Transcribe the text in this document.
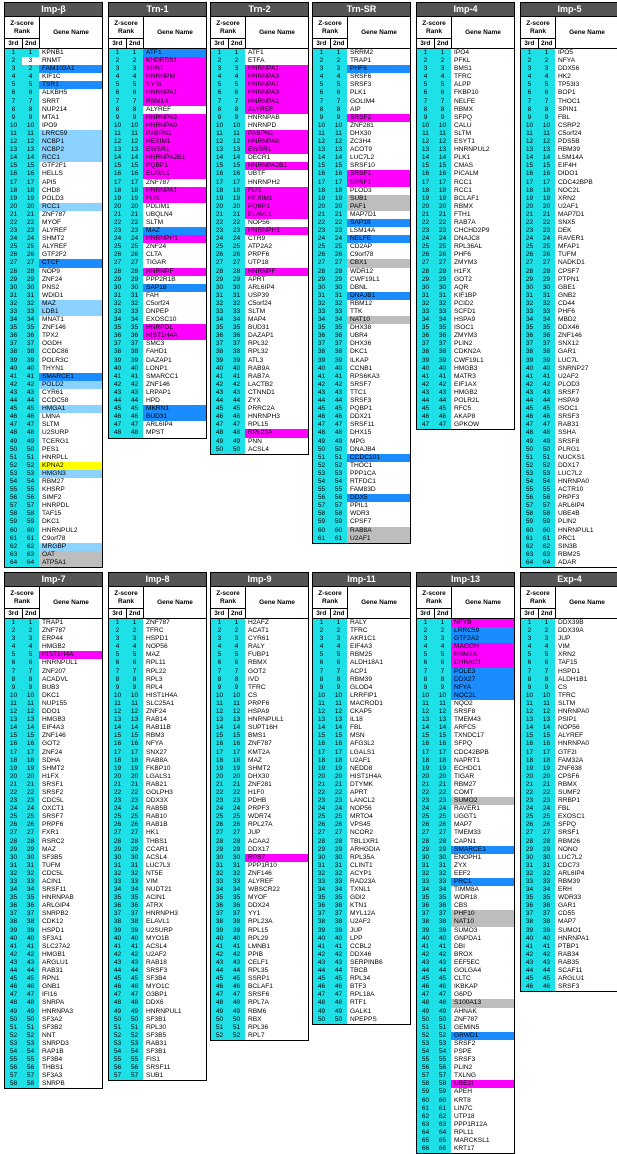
Imp-β
Z-score
Rank
3rd	2nd
Gene Name
1	1	KPNB1
2	3	RNMT
3	2	FAM103A1
4	4	KIF1C
5	5	TSR1
6	6	ALKBH5
7	7	SRRT
8	8	NUP214
9	9	MTA1
10	10	IPO9
11	11	LRRC59
12	12	NCBP1
13	13	NCBP2
14	14	RCC1
15	15	GTF2F1
16	16	HELLS
17	17	API5
18	18	CHD8
19	19	POLD3
20	20	RCC1
21	21	ZNF787
22	22	MYOF
23	23	ALYREF
24	24	SHMT2
25	25	ALYREF
26	26	GTF2F2
27	27	CTCF
28	28	NOP9
29	29	ZNF24
30	30	PNS2
31	31	WDID1
32	32	MAZ
33	33	LDB1
34	34	MNAT1
35	35	ZNF146
36	36	TPX2
37	37	OGDH
38	38	CCDC86
39	39	POLR3C
40	40	THYN1
41	41	SMARCE1
42	42	POLD2
43	43	CYR61
44	44	CCDC58
45	45	HMGA1
46	46	LMNA
47	47	SLTM
48	48	U2SURP
49	49	TCERG1
50	50	PES1
51	51	HNRPLL
52	52	KPNA2
53	53	HMGN3
54	54	RBM27
55	55	KHSRP
56	56	SIMF2
57	57	HNRPDL
58	58	TAF15
59	59	DKC1
60	60	HNRNPUL2
61	61	C9orf78
62	62	MRGBP
63	63	OAT
64	64	ATP5A1
Trn-1
Z-score
Rank
3rd	2nd
Gene Name
1	1	ATF1
2	2	KHDRBS1
3	3	SRRT
4	4	HNRNPM
5	5	SYSL
6	6	HNRNPA1
7	7	RBM14
8	8	ALYREF
9	9	HNRNPA3
10	10	HNRNPA0
11	11	PABPN1
12	12	HEXIM1
13	13	EWSR1
14	14	HNRNPA2B1
15	15	PQBP1
16	16	ELAVL1
17	17	ZNF787
18	18	HNRNPA1
19	19	FUS
20	20	PDLIM1
21	21	UBQLN4
22	22	SLTM
23	23	MAZ
24	24	HNRNPH1
25	25	ZNF24
26	26	CLTA
27	27	TIGAR
28	28	HNRNPF
29	29	PPP2R1B
30	30	SAP18
31	31	FAH
32	32	C5orf24
33	33	DNPEP
34	34	EXOSC10
35	35	HNRPDL
36	36	HIST1H4A
37	37	SMC3
38	38	FAHD1
39	39	DAZAP1
40	40	LONP1
41	41	SMARCC1
42	42	ZNF146
43	43	LRPAP1
44	44	HPD
45	45	MKRN1
46	46	BUD31
47	47	ARL6IP4
48	48	MPST
Trn-2
Z-score
Rank
3rd	2nd
Gene Name
1	1	ATF1
2	2	ETFA
3	3	HNRNPA1
4	4	HNRNPA3
5	5	HNRNPA1
6	6	HNRNPA3
7	7	HNRNPA1
8	8	ALYREF
9	9	HNRNPAB
10	10	HNRNPD
11	11	PABPN1
12	12	HNRNPA0
13	13	EWSR1
14	14	DECR1
15	15	HNRNPA2B1
16	16	UBTF
17	17	HNRNPH2
18	18	FUS
19	19	HEXIM1
20	20	PQBP1
21	21	ELAVL1
22	22	NOP56
23	23	HNRNPH1
24	24	CTR9
25	25	ATP2A2
26	26	PRPF6
27	27	UTP18
28	28	HNRNPF
29	29	APRT
30	30	ARL6IP4
31	31	USP39
32	32	C5orf24
33	33	SLTM
34	34	MAP4
35	35	BUD31
36	36	DAZAP1
37	37	RPL32
38	38	RPL32
39	39	ATL3
40	40	RAB9A
41	41	RAB7A
42	42	LACTB2
43	43	CTNND1
44	44	ZYX
45	45	PRRC2A
46	46	HNRNPH3
47	47	RPL15
48	48	RPL23A
49	49	PNN
50	50	ACSL4
Trn-SR
Z-score
Rank
3rd	2nd
Gene Name
1	1	SRRM2
2	2	TRAP1
3	3	PHF6
4	4	SRSF6
5	5	SRSF3
6	6	PLK1
7	7	GOLIM4
8	8	AIP
9	9	SRSF2
10	10	ZNF281
11	11	DHX30
12	12	ZC3H4
13	13	ACOT9
14	14	LUC7L2
15	15	SRSF10
16	16	SRSF1
17	17	SRSF1
18	18	PLOD3
19	19	SUB1
20	20	PAF1
21	21	MAP7D1
22	22	SAP18
23	23	LSM14A
24	24	NELFE
25	25	CD2AP
26	26	C9orf78
27	27	CBX1
28	28	WDR12
29	29	CWF19L1
30	30	DBNL
31	31	DNAJB1
32	32	RBM12
33	33	TTK
34	34	NAT10
35	35	DHX38
36	36	UBR4
37	37	DHX36
38	38	DKC1
39	39	ILKAP
40	40	CCNB1
41	41	RPS6KA3
42	42	SRSF7
43	43	TTC1
44	44	SRSF3
45	45	PQBP1
46	46	DDX21
47	47	SRSF11
48	48	DHX15
49	49	MPG
50	50	DNAJB4
51	51	CCDC101
52	52	THOC1
53	53	PPP1CA
54	54	RTFDC1
55	55	FAM83D
56	56	DDX5
57	57	PPIL1
58	58	WDR3
59	59	CPSF7
60	60	RAB8A
61	61	U2AF1
Imp-4
Z-score
Rank
3rd	2nd
Gene Name
1	1	IPO4
2	2	PFKL
3	3	BMS1
4	4	TFRC
5	5	ALPP
6	6	FKBP10
7	7	NELFE
8	8	RBMX
9	9	SFPQ
10	10	CALU
11	11	SLTM
12	12	ESYT1
13	13	HNRNPUL2
14	14	PLK1
15	15	CMAS
16	16	PICALM
17	17	RCC1
18	18	RCC1
19	19	BCLAF1
20	20	RBMX
21	21	FTH1
22	22	RAB7A
23	23	CHCHD2P9
24	24	DNAJC8
25	25	RPL36AL
26	26	PHF6
27	27	ZMYM3
28	28	H1FX
29	29	GOT2
30	30	AQR
31	31	KIF1BP
32	32	PCID2
33	33	SCFD1
34	34	HSPA9
35	35	ISOC1
36	36	ZMYM3
37	37	PLIN2
38	38	CDKN2A
39	39	CWF19L1
40	40	HMGB3
41	41	MATR3
42	42	EIF1AX
43	43	HMGB2
44	44	POLR2L
45	45	RFC5
46	46	AKAP8
47	47	GPKOW
Imp-5
Z-score
Rank
3rd	2nd
Gene Name
1	1	IPO5
2	2	NFYA
3	3	DDX56
4	4	HK2
5	5	TP53I3
6	6	BOP1
7	7	THOC1
8	8	SPIN1
9	9	FBL
10	10	CSRP2
11	11	C5orf24
12	12	PDS5B
13	13	RBM39
14	14	LSM14A
15	15	EIF4H
16	16	DIDO1
17	17	CDC42BPB
18	18	NOC2L
19	19	XRN2
20	20	U2AF1
21	21	MAP7D1
22	22	SNX5
23	23	DEK
24	24	RAVER1
25	25	MFAP1
26	26	TUFM
27	27	NADKD1
28	28	CPSF7
29	29	PTPN1
30	30	GBE1
31	31	GNB2
32	32	CD44
33	33	PHF6
34	34	MBD2
35	35	DDX46
36	36	ZNF146
37	37	SNX12
38	38	GAR1
39	39	LUC7L
40	40	SNRNP27
41	41	U2AF2
42	42	PLOD3
43	43	SRSF7
44	44	HSPA9
45	45	ISOC1
46	46	SRSF3
47	47	RAB31
48	48	SSHA
49	49	SRSF8
50	50	PLRG1
51	51	NUCKS1
52	52	DDX17
53	53	LUC7L2
54	54	HNRNPA0
55	55	ACTR10
56	56	PRPF3
57	57	ARL6IP4
58	58	UBE4B
59	59	PLIN2
60	60	HNRNPUL1
61	61	PRC1
62	62	SIN3B
63	63	RBM25
64	64	ADAR
Imp-7
Z-score
Rank
3rd	2nd
Gene Name
1	1	TRAP1
2	2	ZNF787
3	3	ERP44
4	4	HMGB2
5	5	HIST1H4A
6	6	HNRNPUL1
7	7	ZNF207
8	8	ACADVL
9	9	BUB3
10	10	DKC1
11	11	NUP155
12	12	DDO1
13	13	HMGB3
14	14	EIF4A3
15	15	ZNF146
16	16	GOT2
17	17	ZNF24
18	18	SDHA
19	19	SHMT2
20	20	H1FX
21	21	SRSF1
22	22	SRSF2
23	23	CDC5L
24	24	OXCT1
25	25	SRSF7
26	26	PRPF6
27	27	FXR1
28	28	RSRC2
29	29	MAZ
30	30	SF3B5
31	31	TUFM
32	32	CDC5L
33	33	ACIN1
34	34	SRSF11
35	35	HNRNPAB
36	36	ARLGIP4
37	37	SNRPB2
38	38	CDK12
39	39	HSPD1
40	40	SF3A1
41	41	SLC27A2
42	42	HMGB1
43	43	ARGLU1
44	44	RAB31
45	45	RPN1
46	46	GNB1
47	47	IFI16
48	48	SNRPA
49	49	HNRNPA3
50	50	SF3A2
51	51	SF3B2
52	52	NNT
53	53	SNRPD3
54	54	RAP1B
55	55	SF3B4
56	56	THBS1
57	57	SF3A3
58	58	SNRPB
Imp-8
Z-score
Rank
3rd	2nd
Gene Name
1	1	ZNF787
2	2	TFRC
3	3	HSPD1
4	4	NOP56
5	5	MAZ
6	6	RPL11
7	7	RPL22
8	8	RPL3
9	9	RPL4
10	10	HIST1H4A
11	11	SLC25A1
12	12	ZNF24
13	13	RAB14
14	14	RAB11B
15	15	RBM3
16	16	NFYA
17	17	SNX27
18	18	RAB8A
19	19	FKBP10
20	20	LGALS1
21	21	RAB21
22	22	GOLPH3
23	23	DDX3X
24	24	RAB5B
25	25	RAB10
26	26	RAB1B
27	27	HK1
28	28	THBS1
29	29	CCAR1
30	30	ACSL4
31	31	LUC7L3
32	32	NT5E
33	33	VIM
34	34	NUDT21
35	35	ACIN1
36	36	ATRX
37	37	HNRNPH3
38	38	ELAVL1
39	39	U2SURP
40	40	MYO1B
41	41	ACSL4
42	42	U2AF2
43	43	RAB18
44	44	SRSF3
45	45	SF3B4
46	46	MYO1C
47	47	G3BP1
48	48	DDX6
49	49	HNRNPUL1
50	50	SF3B1
51	51	RPL30
52	52	SF3B5
53	53	RAB31
54	54	SF3B1
55	55	FIS1
56	56	SRSF11
57	57	SUB1
Imp-9
Z-score
Rank
3rd	2nd
Gene Name
1	1	H2AFZ
2	2	ACAT1
3	3	CYR61
4	4	RALY
5	5	FUBP1
6	6	RBMX
7	7	GOT2
8	8	IVD
9	9	TFRC
10	10	CS
11	11	PRPF6
12	12	HSPA9
13	13	HNRNPUL1
14	14	SUPT16H
15	15	BMS1
16	16	ZNF787
17	17	KMT2A
18	18	MAZ
19	19	SHMT2
20	20	DHX30
21	21	ZNF281
22	22	H1F0
23	23	PDHB
24	24	PRPF3
25	25	WDR74
26	26	RPL27A
27	27	JUP
28	28	ACAA2
29	29	DDX17
30	30	RPS7
31	31	PPP1R10
32	32	ZNF146
33	33	ALYREF
34	34	WBSCR22
35	35	MYOF
36	36	DDX24
37	37	YY1
38	38	RPL23A
39	39	RPL15
40	40	RPL29
41	41	LMNB1
42	42	PPIB
43	43	CELF1
44	44	RPL35
45	45	SSRP1
46	46	BCLAF1
47	47	SRSF6
48	48	RPL7A
49	49	RBM6
50	50	RBX
51	51	RPL36
52	52	RPL7
Imp-11
Z-score
Rank
3rd	2nd
Gene Name
1	1	RALY
2	2	TFRC
3	3	AKR1C1
4	4	EIF4A3
5	5	RBM25
6	6	ALDH18A1
7	7	ACP1
8	8	RBM39
9	9	GLOD4
10	10	LRRFIP1
11	11	MACROD1
12	12	CKAP5
13	13	IL18
14	14	FBL
15	15	MSN
16	16	AFG3L2
17	17	LGALS1
18	18	U2AF1
19	19	NEDD8
20	20	HIST1H4A
21	21	DTYMK
22	22	APRT
23	23	LANCL2
24	24	NOP56
25	25	MRTO4
26	26	VPS45
27	27	NCOR2
28	28	TBL1XR1
29	29	ARHGDIA
30	30	RPL35A
31	31	CLINT1
32	32	ACYP1
33	33	RAD23A
34	34	TXNL1
35	35	GDI2
36	36	KTN1
37	37	MYL12A
38	38	U2AF2
39	39	JUP
40	40	LPP
41	41	CCBL2
42	42	DDX46
43	43	SERPINB6
44	44	TBCB
45	45	RPL34
46	46	BTF3
47	47	RPL18A
48	48	RTF1
49	49	GALK1
50	50	NPEPPS
Imp-13
Z-score
Rank
3rd	2nd
Gene Name
1	1	NFYB
2	2	LRRC59
3	3	GTF2A2
4	4	MAGOH
5	5	RBM8A
6	6	CHRAC1
7	7	POLE3
8	8	DDX27
9	9	NFYA
10	10	NOC2L
11	11	NQO2
12	12	SRSF8
13	13	TMEM43
14	14	ARFC5
15	15	TXNDC17
16	16	SFPQ
17	17	CDC42BPB
18	18	NAPRT1
19	19	ECHDC1
20	20	TIGAR
21	21	RBM27
22	22	COMT
23	23	SUMO2
24	24	RAVER1
25	25	UGGT1
26	26	MAP7
27	27	TMEM33
28	28	CAPN1
29	29	SMARCE1
30	30	ENOPH1
31	31	ZYX
32	32	EEF2
33	33	PRC1
34	34	TIMM8A
35	35	WDR18
36	36	CBS
37	37	PHF10
38	38	NAT10
39	39	SUMO3
40	40	GNPDA1
41	41	DBI
42	42	BROX
43	43	EEF5EC
44	44	GOLGA4
45	45	CLTC
46	46	IKBKAP
47	47	G6PD
48	48	S100A13
49	49	AHNAK
50	50	ZNF787
51	51	GEMIN5
52	52	GRWD1
53	53	SRSF2
54	54	PSPE
55	55	SRSF3
56	56	PLIN2
57	57	TXLNG
58	58	UBE2I
59	59	APEH
60	60	KRT8
61	61	LIN7C
62	62	UTP18
63	63	PPP1R12A
64	64	RPL11
65	65	MARCKSL1
66	66	KRT17
Exp-4
Z-score
Rank
3rd	2nd
Gene Name
1	1	DDX39B
2	2	DDX39A
3	3	JUP
4	4	VIM
5	5	XRN2
6	6	TAF15
7	7	HSPD1
8	8	ALDH1B1
9	9	CS
10	10	TFRC
11	11	SLTM
12	12	HNRNPA0
13	13	PSIP1
14	14	NOP56
15	15	ALYREF
16	16	HNRNPA0
17	17	GTF2I
18	18	FAM32A
19	19	ZNF638
20	20	CPSF6
21	21	RBMX
22	22	SUMF2
23	23	RRBP1
24	24	FBL
25	25	EXOSC1
26	26	SFPQ
27	27	SRSF1
28	28	RBM26
29	29	NONO
30	30	LUC7L2
31	31	CDC73
32	32	ARL6IP4
33	33	RBM39
34	34	ERH
35	35	WDR33
36	36	GAR1
37	37	CD55
38	38	MAP7
39	39	SUMO1
40	40	HNRNPA1
41	41	PTBP1
42	42	RAB34
43	43	RAB35
44	44	SCAF11
45	45	ARGLU1
46	46	SRSF3
